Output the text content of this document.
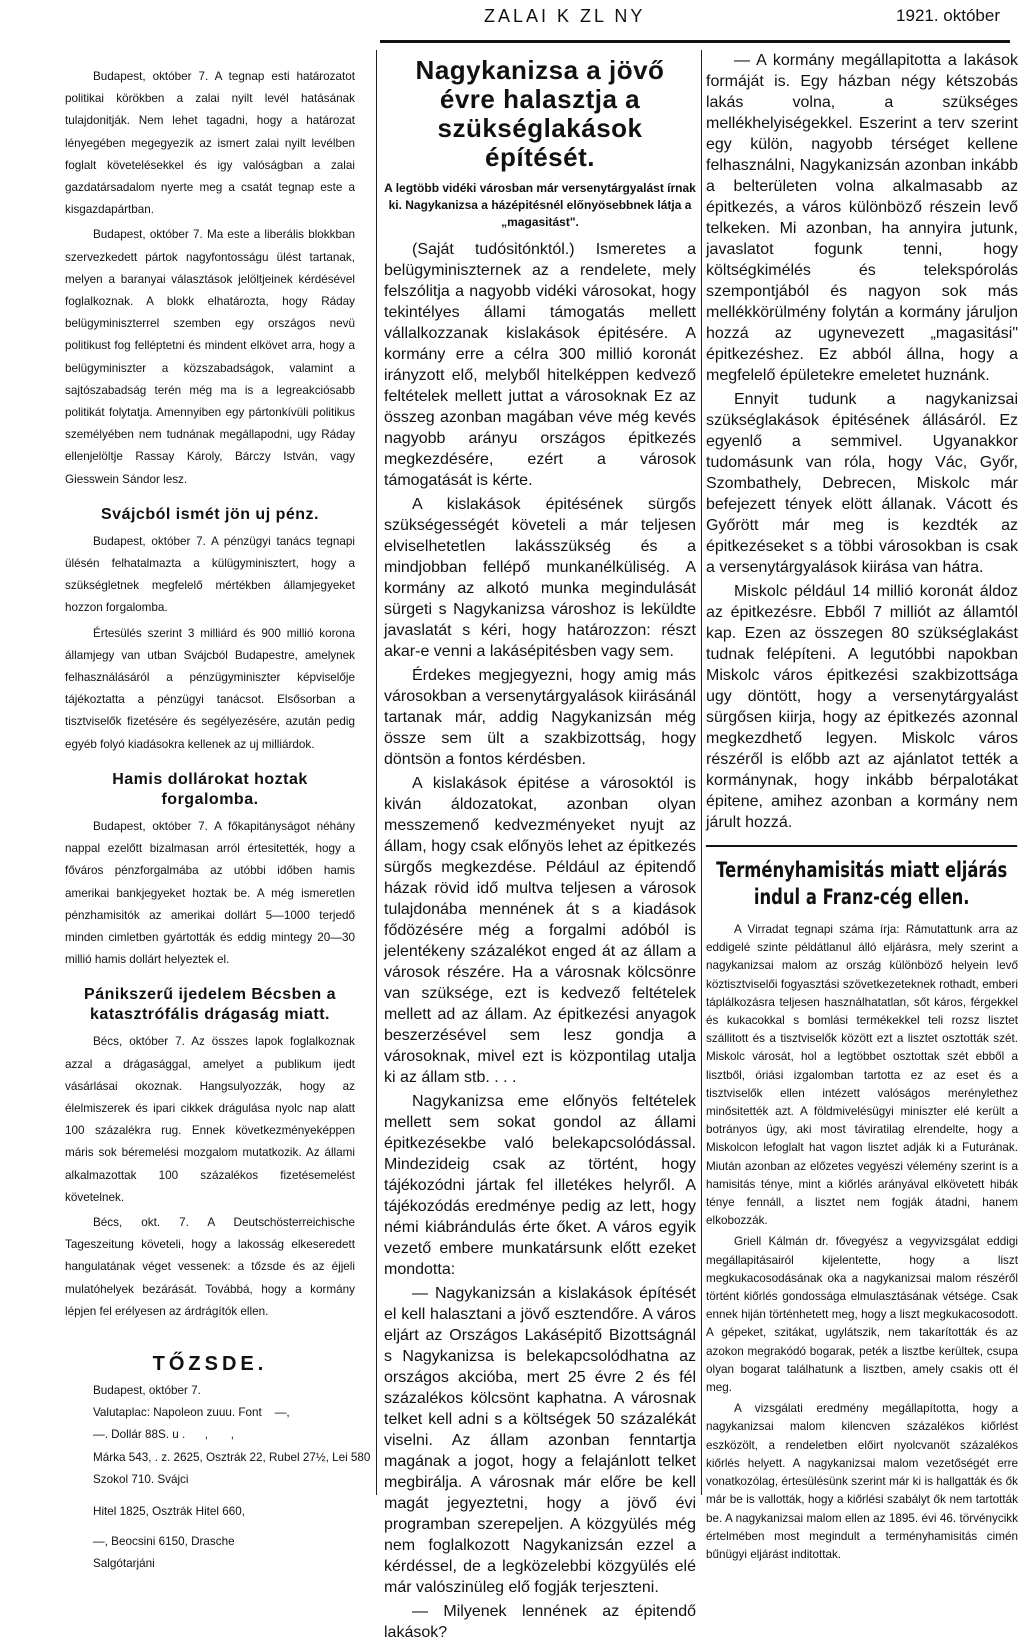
ZALAI K ZL NY	1921. október

Budapest, október 7. A tegnap esti határozatot politikai körökben a zalai nyilt levél hatásának tulajdonitják. Nem lehet tagadni, hogy a határozat lényegében megegyezik az ismert zalai nyilt levélben foglalt követelésekkel és igy valóságban a zalai gazdatársadalom nyerte meg a csatát tegnap este a kisgazdapártban.

Budapest, október 7. Ma este a liberális blokkban szervezkedett pártok nagyfontosságu ülést tartanak, melyen a baranyai választások jelöltjeinek kérdésével foglalkoznak. A blokk elhatározta, hogy Ráday belügyminiszterrel szemben egy országos nevü politikust fog felléptetni és mindent elkövet arra, hogy a belügyminiszter a közszabadságok, valamint a sajtószabadság terén még ma is a legreakciósabb politikát folytatja. Amennyiben egy pártonkívüli politikus személyében nem tudnának megállapodni, ugy Ráday ellenjelöltje Rassay Károly, Bárczy István, vagy Giesswein Sándor lesz.

Svájcból ismét jön uj pénz.

Budapest, október 7. A pénzügyi tanács tegnapi ülésén felhatalmazta a külügyminisztert, hogy a szükségletnek megfelelő mértékben államjegyeket hozzon forgalomba.

Értesülés szerint 3 milliárd és 900 millió korona államjegy van utban Svájcból Budapestre, amelynek felhasználásáról a pénzügyminiszter képviselője tájékoztatta a pénzügyi tanácsot. Elsősorban a tisztviselők fizetésére és segélyezésére, azután pedig egyéb folyó kiadásokra kellenek az uj milliárdok.

Hamis dollárokat hoztak forgalomba.

Budapest, október 7. A főkapitányságot néhány nappal ezelőtt bizalmasan arról értesitették, hogy a főváros pénzforgalmába az utóbbi időben hamis amerikai bankjegyeket hoztak be. A még ismeretlen pénzhamisitók az amerikai dollárt 5—1000 terjedő minden cimletben gyártották és eddig mintegy 20—30 millió hamis dollárt helyeztek el.

Pánikszerű ijedelem Bécsben a katasztrófális drágaság miatt.

Bécs, október 7. Az összes lapok foglalkoznak azzal a drágasággal, amelyet a publikum ijedt vásárlásai okoznak. Hangsulyozzák, hogy az élelmiszerek és ipari cikkek drágulása nyolc nap alatt 100 százalékra rug. Ennek következményeképpen máris sok béremelési mozgalom mutatkozik. Az állami alkalmazottak 100 százalékos fizetésemelést követelnek.

Bécs, okt. 7. A Deutschösterreichische Tageszeitung követeli, hogy a lakosság elkeseredett hangulatának véget vessenek: a tőzsde és az éjjeli mulatóhelyek bezárását. Továbbá, hogy a kormány lépjen fel erélyesen az árdrágítók ellen.

TŐZSDE.

Budapest, október 7.

Valutaplac: Napoleon zuuu. Font    —,

—. Dollár 88S. u .      ,       ,

Márka 543, . z. 2625, Osztrák 22, Rubel 27½, Lei 580

Szokol 710. Svájci

Hitel 1825, Osztrák Hitel 660,

—, Beocsini 6150, Drasche

Salgótarjáni

Nagykanizsa a jövő évre halasztja a szükséglakások építését.
A legtöbb vidéki városban már versenytárgyalást írnak ki. Nagykanizsa a házépitésnél előnyösebbnek látja a „magasitást".

(Saját tudósitónktól.) Ismeretes a belügyminiszternek az a rendelete, mely felszólitja a nagyobb vidéki városokat, hogy tekintélyes állami támogatás mellett vállalkozzanak kislakások épitésére. A kormány erre a célra 300 millió koronát irányzott elő, melyből hitelképpen kedvező feltételek mellett juttat a városoknak Ez az összeg azonban magában véve még kevés nagyobb arányu országos épitkezés megkezdésére, ezért a városok támogatását is kérte.

A kislakások épitésének sürgős szükségességét követeli a már teljesen elviselhetetlen lakásszükség és a mindjobban fellépő munkanélküliség. A kormány az alkotó munka megindulását sürgeti s Nagykanizsa városhoz is leküldte javaslatát s kéri, hogy határozzon: részt akar-e venni a lakásépitésben vagy sem.

Érdekes megjegyezni, hogy amig más városokban a versenytárgyalások kiirásánál tartanak már, addig Nagykanizsán még össze sem ült a szakbizottság, hogy döntsön a fontos kérdésben.

A kislakások épitése a városoktól is kiván áldozatokat, azonban olyan messzemenő kedvezményeket nyujt az állam, hogy csak előnyös lehet az épitkezés sürgős megkezdése. Például az épitendő házak rövid idő multva teljesen a városok tulajdonába mennének át s a kiadások fődözésére még a forgalmi adóból is jelentékeny százalékot enged át az állam a városok részére. Ha a városnak kölcsönre van szüksége, ezt is kedvező feltételek mellett ad az állam. Az épitkezési anyagok beszerzésével sem lesz gondja a városoknak, mivel ezt is központilag utalja ki az állam stb. . . .

Nagykanizsa eme előnyös feltételek mellett sem sokat gondol az állami épitkezésekbe való belekapcsolódással. Mindezideig csak az történt, hogy tájékozódni jártak fel illetékes helyről. A tájékozódás eredménye pedig az lett, hogy némi kiábrándulás érte őket. A város egyik vezető embere munkatársunk előtt ezeket mondotta:

— Nagykanizsán a kislakások építését el kell halasztani a jövő esztendőre. A város eljárt az Országos Lakásépitő Bizottságnál s Nagykanizsa is belekapcsolódhatna az országos akcióba, mert 25 évre 2 és fél százalékos kölcsönt kaphatna. A városnak telket kell adni s a költségek 50 százalékát viselni. Az állam azonban fenntartja magának a jogot, hogy a felajánlott telket megbirálja. A városnak már előre be kell magát jegyeztetni, hogy a jövő évi programban szerepeljen. A közgyülés még nem foglalkozott Nagykanizsán ezzel a kérdéssel, de a legközelebbi közgyülés elé már valószinüleg elő fogják terjeszteni.

— Milyenek lennének az épitendő lakások?

— A kormány megállapitotta a lakások formáját is. Egy házban négy kétszobás lakás volna, a szükséges mellékhelyiségekkel. Eszerint a terv szerint egy külön, nagyobb térséget kellene felhasználni, Nagykanizsán azonban inkább a belterületen volna alkalmasabb az épitkezés, a város különböző részein levő telkeken. Mi azonban, ha annyira jutunk, javaslatot fogunk tenni, hogy költségkimélés és telekspórolás szempontjából és nagyon sok más mellékkörülmény folytán a kormány járuljon hozzá az ugynevezett „magasitási" épitkezéshez. Ez abból állna, hogy a megfelelő épületekre emeletet huznánk.

Ennyit tudunk a nagykanizsai szükséglakások épitésének állásáról. Ez egyenlő a semmivel. Ugyanakkor tudomásunk van róla, hogy Vác, Győr, Szombathely, Debrecen, Miskolc már befejezett tények elött állanak. Vácott és Győrött már meg is kezdték az épitkezéseket s a többi városokban is csak a versenytárgyalások kiirása van hátra.

Miskolc például 14 millió koronát áldoz az épitkezésre. Ebből 7 milliót az államtól kap. Ezen az összegen 80 szükséglakást tudnak felépíteni. A legutóbbi napokban Miskolc város épitkezési szakbizottsága ugy döntött, hogy a versenytárgyalást sürgősen kiirja, hogy az épitkezés azonnal megkezdhető legyen. Miskolc város részéről is előbb azt az ajánlatot tették a kormánynak, hogy inkább bérpalotákat épitene, amihez azonban a kormány nem járult hozzá.

Terményhamisitás miatt eljárás indul a Franz-cég ellen.

A Virradat tegnapi száma írja: Rámutattunk arra az eddigelé szinte példátlanul álló eljárásra, mely szerint a nagykanizsai malom az ország különböző helyein levő köztisztviselői fogyasztási szövetkezeteknek rothadt, emberi táplálkozásra teljesen használhatatlan, sőt káros, férgekkel és kukacokkal s bomlási termékekkel teli rozsz lisztet szállitott és a tisztviselők között ezt a lisztet osztották szét. Miskolc városát, hol a legtöbbet osztottak szét ebből a lisztből, óriási izgalomban tartotta ez az eset és a tisztviselők ellen intézett valóságos merénylethez minősitették azt. A földmivelésügyi miniszter elé került a botrányos ügy, aki most táviratilag elrendelte, hogy a Miskolcon lefoglalt hat vagon lisztet adják ki a Futurának. Miután azonban az előzetes vegyészi vélemény szerint is a hamisitás ténye, mint a kiőrlés arányával elkövetett hibák ténye fennáll, a lisztet nem fogják átadni, hanem elkobozzák.

Griell Kálmán dr. fővegyész a vegyvizsgálat eddigi megállapitásairól kijelentette, hogy a liszt megkukacosodásának oka a nagykanizsai malom részéről történt kiőrlés gondossága elmulasztásának vétsége. Csak ennek hiján történhetett meg, hogy a liszt megkukacosodott. A gépeket, szitákat, ugylátszik, nem takarították és az azokon megrakódó bogarak, peték a lisztbe kerültek, csupa olyan bogarat találhatunk a lisztben, amely csakis ott él meg.

A vizsgálati eredmény megállapította, hogy a nagykanizsai malom kilencven százalékos kiőrlést eszközölt, a rendeletben előirt nyolcvanöt százalékos kiőrlés helyett. A nagykanizsai malom vezetőségét erre vonatkozólag, értesülésünk szerint már ki is hallgatták és ők már be is vallották, hogy a kiőrlési szabályt ők nem tartották be. A nagykanizsai malom ellen az 1895. évi 46. törvénycikk értelmében most megindult a terményhamisitás cimén bűnügyi eljárást inditottak.
